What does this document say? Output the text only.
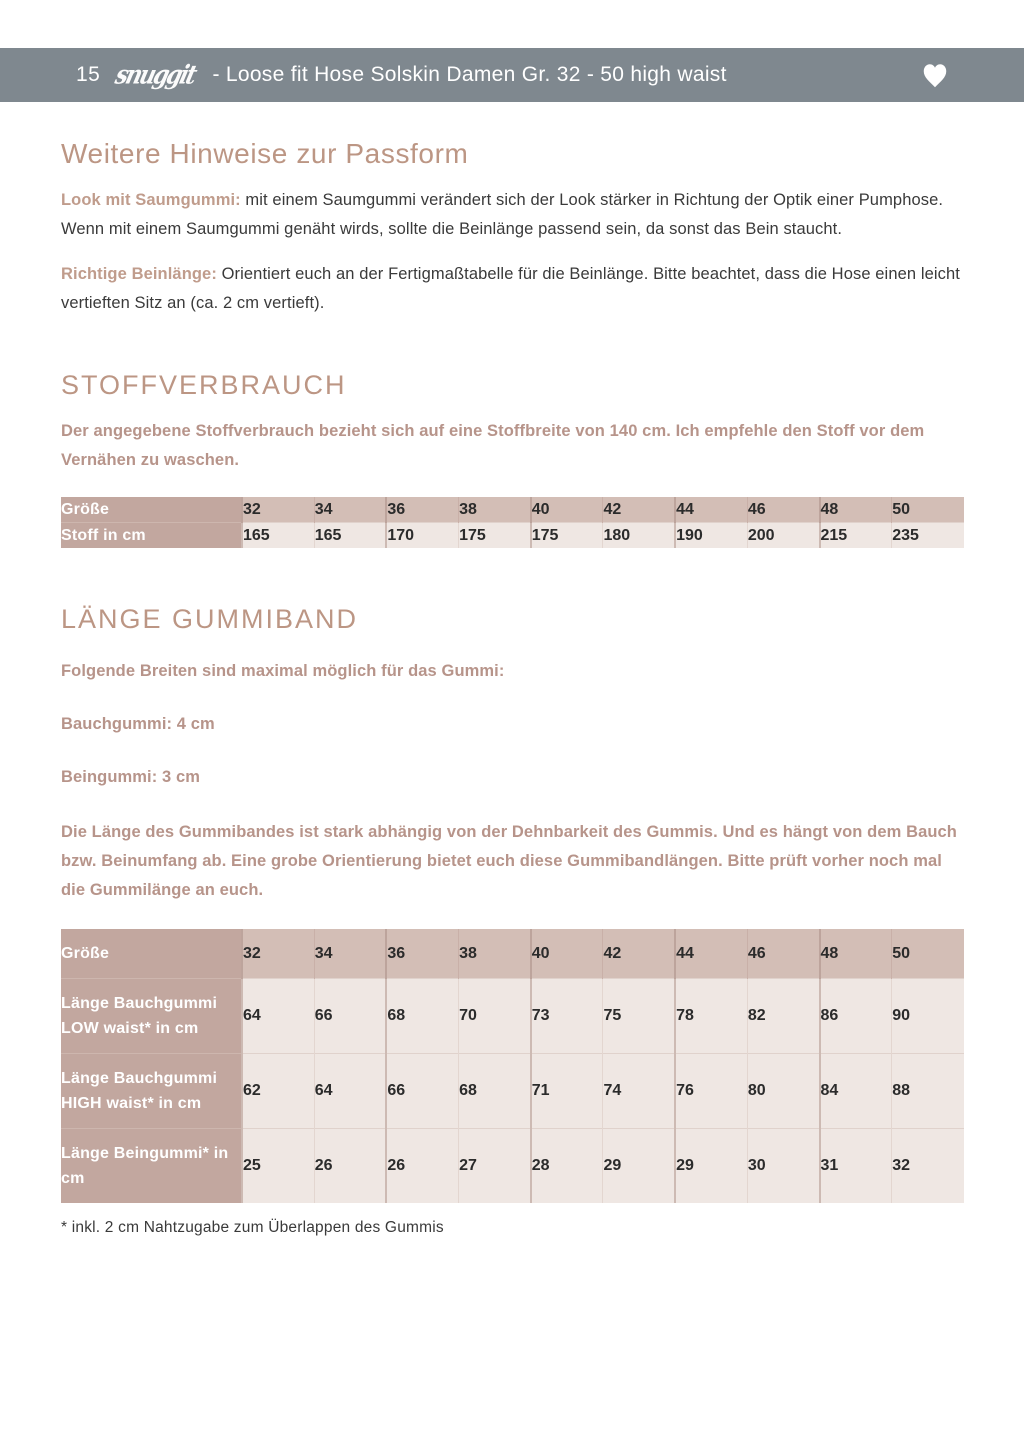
15 snuggit - Loose fit Hose Solskin Damen Gr. 32 - 50 high waist
Weitere Hinweise zur Passform

Look mit Saumgummi: mit einem Saumgummi verändert sich der Look stärker in Richtung der Optik einer Pumphose. Wenn mit einem Saumgummi genäht wirds, sollte die Beinlänge passend sein, da sonst das Bein staucht.

Richtige Beinlänge: Orientiert euch an der Fertigmaßtabelle für die Beinlänge. Bitte beachtet, dass die Hose einen leicht vertieften Sitz an (ca. 2 cm vertieft).

STOFFVERBRAUCH

Der angegebene Stoffverbrauch bezieht sich auf eine Stoffbreite von 140 cm. Ich empfehle den Stoff vor dem Vernähen zu waschen.

Größe	32	34	36	38	40	42	44	46	48	50
Stoff in cm	165	165	170	175	175	180	190	200	215	235
LÄNGE GUMMIBAND

Folgende Breiten sind maximal möglich für das Gummi:

Bauchgummi: 4 cm

Beingummi: 3 cm

Die Länge des Gummibandes ist stark abhängig von der Dehnbarkeit des Gummis. Und es hängt von dem Bauch bzw. Beinumfang ab. Eine grobe Orientierung bietet euch diese Gummibandlängen. Bitte prüft vorher noch mal die Gummilänge an euch.

Größe	32	34	36	38	40	42	44	46	48	50
Länge Bauchgummi LOW waist* in cm	64	66	68	70	73	75	78	82	86	90
Länge Bauchgummi HIGH waist* in cm	62	64	66	68	71	74	76	80	84	88
Länge Beingummi* in cm	25	26	26	27	28	29	29	30	31	32

* inkl. 2 cm Nahtzugabe zum Überlappen des Gummis
